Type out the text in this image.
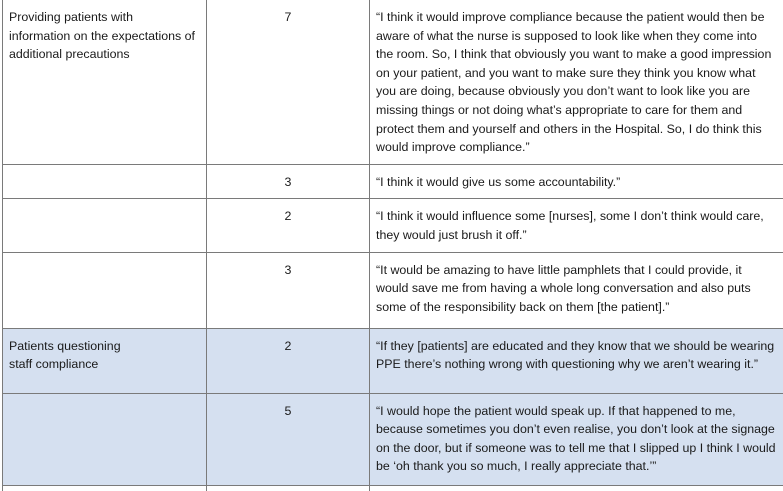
Providing patients with information on the expectations of additional precautions	7	“I think it would improve compliance because the patient would then be aware of what the nurse is supposed to look like when they come into the room. So, I think that obviously you want to make a good impression on your patient, and you want to make sure they think you know what you are doing, because obviously you don’t want to look like you are missing things or not doing what’s appropriate to care for them and protect them and yourself and others in the Hospital. So, I do think this would improve compliance.”
	3	“I think it would give us some accountability.”
	2	“I think it would influence some [nurses], some I don’t think would care, they would just brush it off.”
	3	“It would be amazing to have little pamphlets that I could provide, it would save me from having a whole long conversation and also puts some of the responsibility back on them [the patient].”
Patients questioning staff compliance	2	“If they [patients] are educated and they know that we should be wearing PPE there’s nothing wrong with questioning why we aren’t wearing it.”
	5	“I would hope the patient would speak up. If that happened to me, because sometimes you don’t even realise, you don’t look at the signage on the door, but if someone was to tell me that I slipped up I think I would be ‘oh thank you so much, I really appreciate that.’”
